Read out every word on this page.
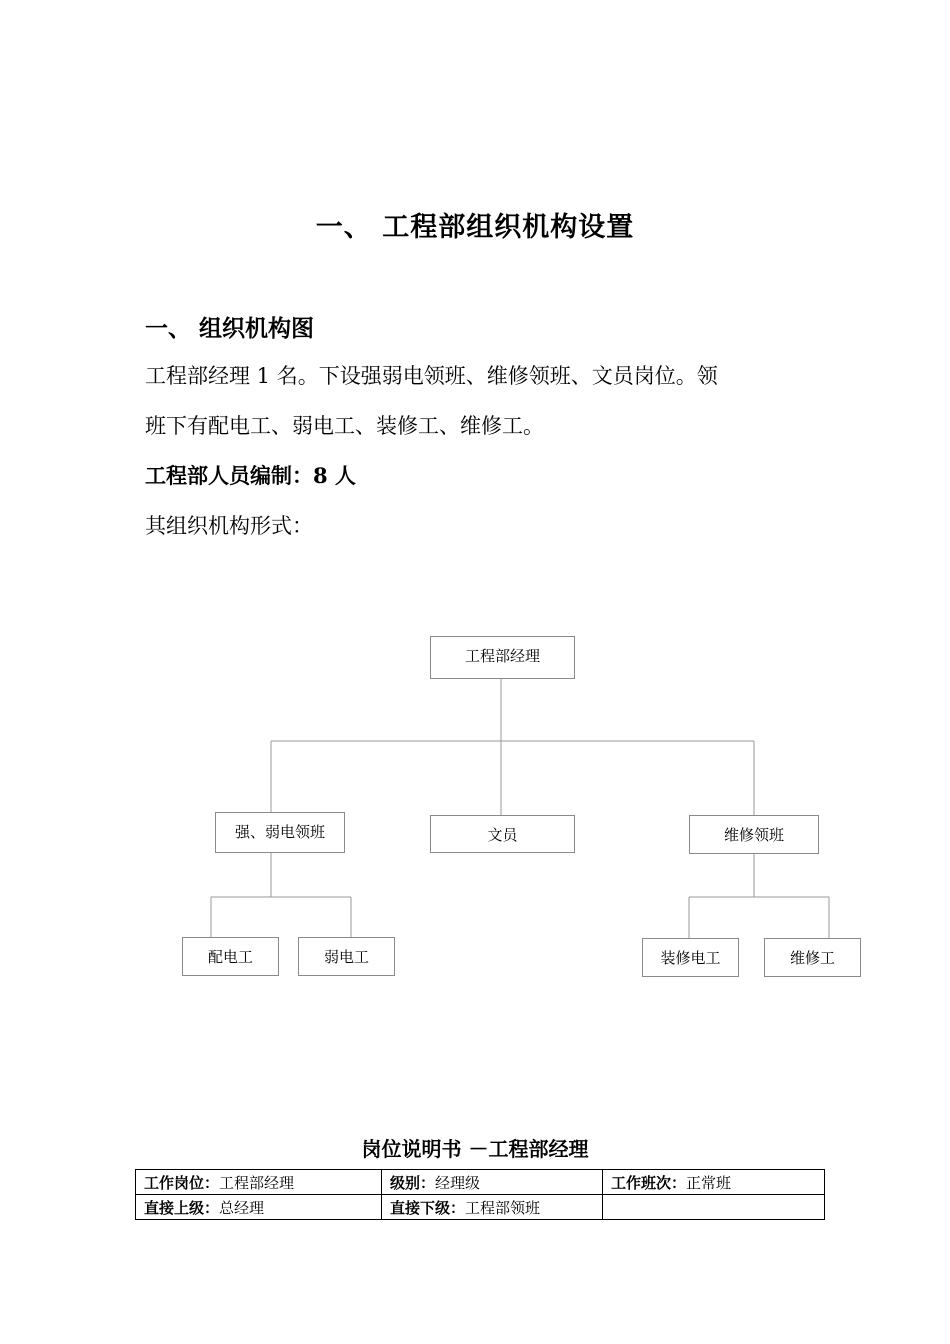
一、 工程部组织机构设置
一、 组织机构图
工程部经理 1 名。下设强弱电领班、维修领班、文员岗位。领
班下有配电工、弱电工、装修工、维修工。
工程部人员编制：8 人
其组织机构形式：
工程部经理
强、弱电领班	文员	维修领班
配电工	弱电工	装修电工	维修工
岗位说明书 －工程部经理
工作岗位：工程部经理	级别：经理级	工作班次：正常班
直接上级：总经理	直接下级：工程部领班	
